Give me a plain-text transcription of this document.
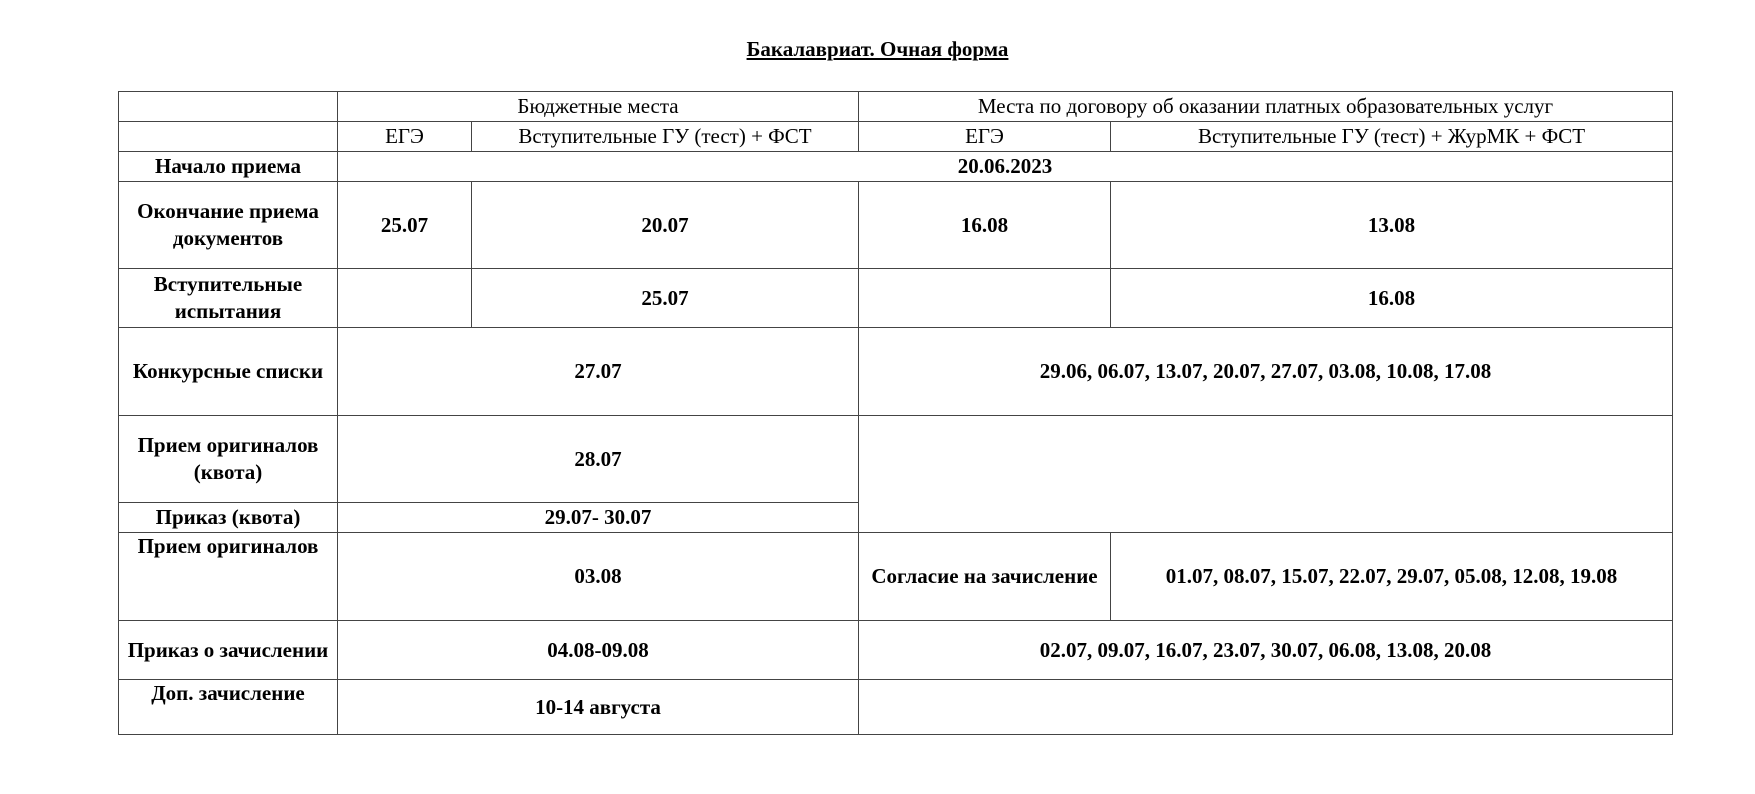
Бакалавриат. Очная форма
	Бюджетные места		Места по договору об оказании платных образовательных услуг	
	ЕГЭ	Вступительные ГУ (тест) + ФСТ	ЕГЭ	Вступительные ГУ (тест) + ЖурМК + ФСТ
Начало приема	20.06.2023			
Окончание приема документов	25.07	20.07	16.08	13.08
Вступительные испытания		25.07		16.08
Конкурсные списки	27.07		29.06, 06.07, 13.07, 20.07, 27.07, 03.08, 10.08, 17.08	
Прием оригиналов (квота)	28.07			
Приказ (квота)	29.07- 30.07			
Прием оригиналов	03.08		Согласие на зачисление	01.07, 08.07, 15.07, 22.07, 29.07, 05.08, 12.08, 19.08
Приказ о зачислении	04.08-09.08		02.07, 09.07, 16.07, 23.07, 30.07, 06.08, 13.08, 20.08	
Доп. зачисление	10-14 августа			
